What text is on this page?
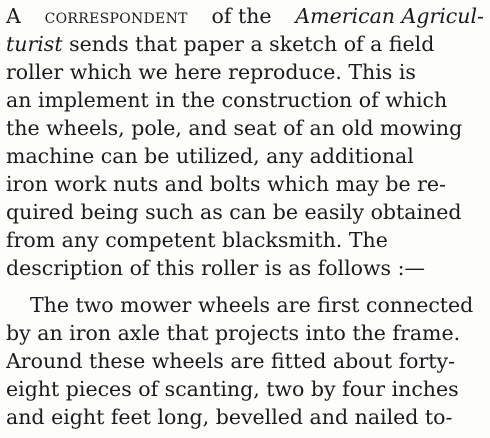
A correspondent of the American Agricul-
turist sends that paper a sketch of a field
roller which we here reproduce. This is
an implement in the construction of which
the wheels, pole, and seat of an old mowing
machine can be utilized, any additional
iron work nuts and bolts which may be re-
quired being such as can be easily obtained
from any competent blacksmith. The
description of this roller is as follows :—
The two mower wheels are first connected
by an iron axle that projects into the frame.
Around these wheels are fitted about forty-
eight pieces of scanting, two by four inches
and eight feet long, bevelled and nailed to-
